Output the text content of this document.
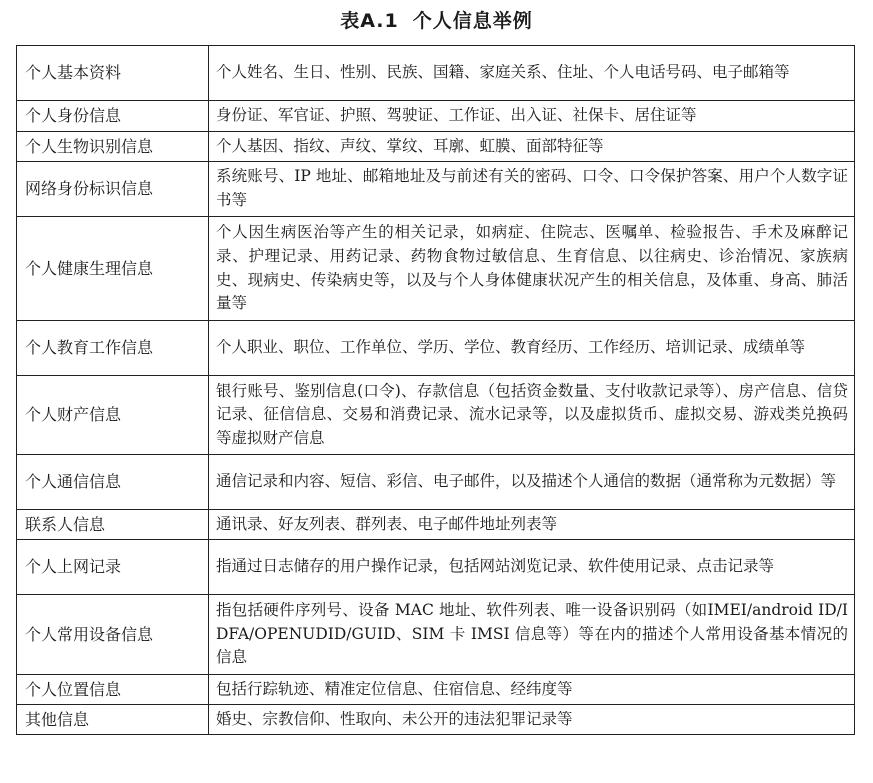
表A.1 个人信息举例
个人基本资料	个人姓名、生日、性别、民族、国籍、家庭关系、住址、个人电话号码、电子邮箱等
个人身份信息	身份证、军官证、护照、驾驶证、工作证、出入证、社保卡、居住证等
个人生物识别信息	个人基因、指纹、声纹、掌纹、耳廓、虹膜、面部特征等
网络身份标识信息	系统账号、IP 地址、邮箱地址及与前述有关的密码、口令、口令保护答案、用户个人数字证书等
个人健康生理信息	个人因生病医治等产生的相关记录，如病症、住院志、医嘱单、检验报告、手术及麻醉记录、护理记录、用药记录、药物食物过敏信息、生育信息、以往病史、诊治情况、家族病史、现病史、传染病史等，以及与个人身体健康状况产生的相关信息，及体重、身高、肺活量等
个人教育工作信息	个人职业、职位、工作单位、学历、学位、教育经历、工作经历、培训记录、成绩单等
个人财产信息	银行账号、鉴别信息(口令)、存款信息（包括资金数量、支付收款记录等）、房产信息、信贷记录、征信信息、交易和消费记录、流水记录等，以及虚拟货币、虚拟交易、游戏类兑换码等虚拟财产信息
个人通信信息	通信记录和内容、短信、彩信、电子邮件，以及描述个人通信的数据（通常称为元数据）等
联系人信息	通讯录、好友列表、群列表、电子邮件地址列表等
个人上网记录	指通过日志储存的用户操作记录，包括网站浏览记录、软件使用记录、点击记录等
个人常用设备信息	指包括硬件序列号、设备 MAC 地址、软件列表、唯一设备识别码（如IMEI/android ID/IDFA/OPENUDID/GUID、SIM 卡 IMSI 信息等）等在内的描述个人常用设备基本情况的信息
个人位置信息	包括行踪轨迹、精准定位信息、住宿信息、经纬度等
其他信息	婚史、宗教信仰、性取向、未公开的违法犯罪记录等
